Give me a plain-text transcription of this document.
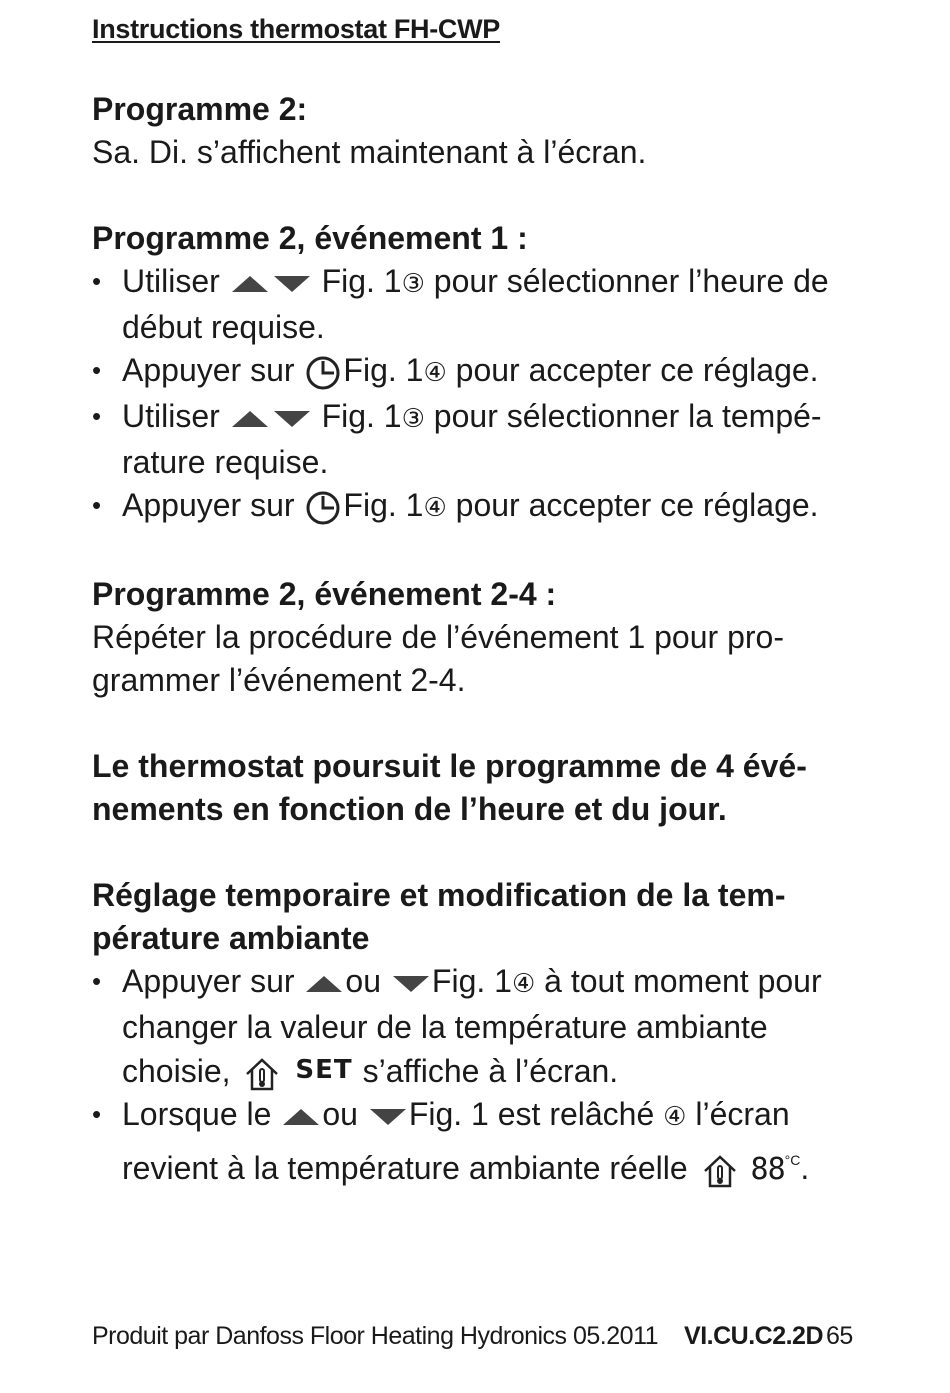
Instructions thermostat FH-CWP
Programme 2:
Sa. Di. s’affichent maintenant à l’écran.
Programme 2, événement 1 :
• Utiliser	Fig. 1③ pour sélectionner l’heure de début requise.
• Appuyer sur Fig. 1④ pour accepter ce réglage.
• Utiliser	Fig. 1③ pour sélectionner la tempé-rature requise.
• Appuyer sur Fig. 1④ pour accepter ce réglage.
Programme 2, événement 2-4 :
Répéter la procédure de l’événement 1 pour pro-grammer l’événement 2-4.
Le thermostat poursuit le programme de 4 évé-nements en fonction de l’heure et du jour.
Réglage temporaire et modification de la tem-pérature ambiante
• Appuyer sur ou Fig. 1④ à tout moment pour changer la valeur de la température ambiante choisie, SET s’affiche à l’écran.
• Lorsque le ou Fig. 1 est relâché ④ l’écran revient à la température ambiante réelle $88^{^\circ C}$.
Produit par Danfoss Floor Heating Hydronics 05.2011 VI.CU.C2.2D 65
